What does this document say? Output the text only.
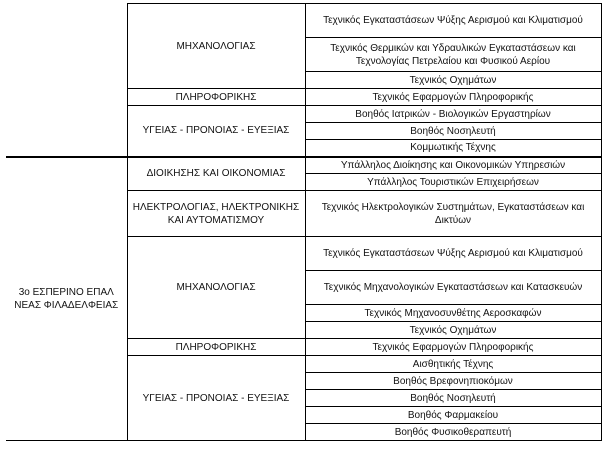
	ΜΗΧΑΝΟΛΟΓΙΑΣ	Τεχνικός Εγκαταστάσεων Ψύξης Αερισμού και Κλιματισμού
		Τεχνικός Θερμικών και Υδραυλικών Εγκαταστάσεων και Τεχνολογίας Πετρελαίου και Φυσικού Αερίου
		Τεχνικός Οχημάτων
	ΠΛΗΡΟΦΟΡΙΚΗΣ	Τεχνικός Εφαρμογών Πληροφορικής
	ΥΓΕΙΑΣ - ΠΡΟΝΟΙΑΣ - ΕΥΕΞΙΑΣ	Βοηθός Ιατρικών - Βιολογικών Εργαστηρίων
		Βοηθός Νοσηλευτή
		Κομμωτικής Τέχνης
3ο ΕΣΠΕΡΙΝΟ ΕΠΑΛ ΝΕΑΣ ΦΙΛΑΔΕΛΦΕΙΑΣ	ΔΙΟΙΚΗΣΗΣ ΚΑΙ ΟΙΚΟΝΟΜΙΑΣ	Υπάλληλος Διοίκησης και Οικονομικών Υπηρεσιών
		Υπάλληλος Τουριστικών Επιχειρήσεων
	ΗΛΕΚΤΡΟΛΟΓΙΑΣ, ΗΛΕΚΤΡΟΝΙΚΗΣ ΚΑΙ ΑΥΤΟΜΑΤΙΣΜΟΥ	Τεχνικός Ηλεκτρολογικών Συστημάτων, Εγκαταστάσεων και Δικτύων
	ΜΗΧΑΝΟΛΟΓΙΑΣ	Τεχνικός Εγκαταστάσεων Ψύξης Αερισμού και Κλιματισμού
		Τεχνικός Μηχανολογικών Εγκαταστάσεων και Κατασκευών
		Τεχνικός Μηχανοσυνθέτης Αεροσκαφών
		Τεχνικός Οχημάτων
	ΠΛΗΡΟΦΟΡΙΚΗΣ	Τεχνικός Εφαρμογών Πληροφορικής
	ΥΓΕΙΑΣ - ΠΡΟΝΟΙΑΣ - ΕΥΕΞΙΑΣ	Αισθητικής Τέχνης
		Βοηθός Βρεφονηπιοκόμων
		Βοηθός Νοσηλευτή
		Βοηθός Φαρμακείου
		Βοηθός Φυσικοθεραπευτή
